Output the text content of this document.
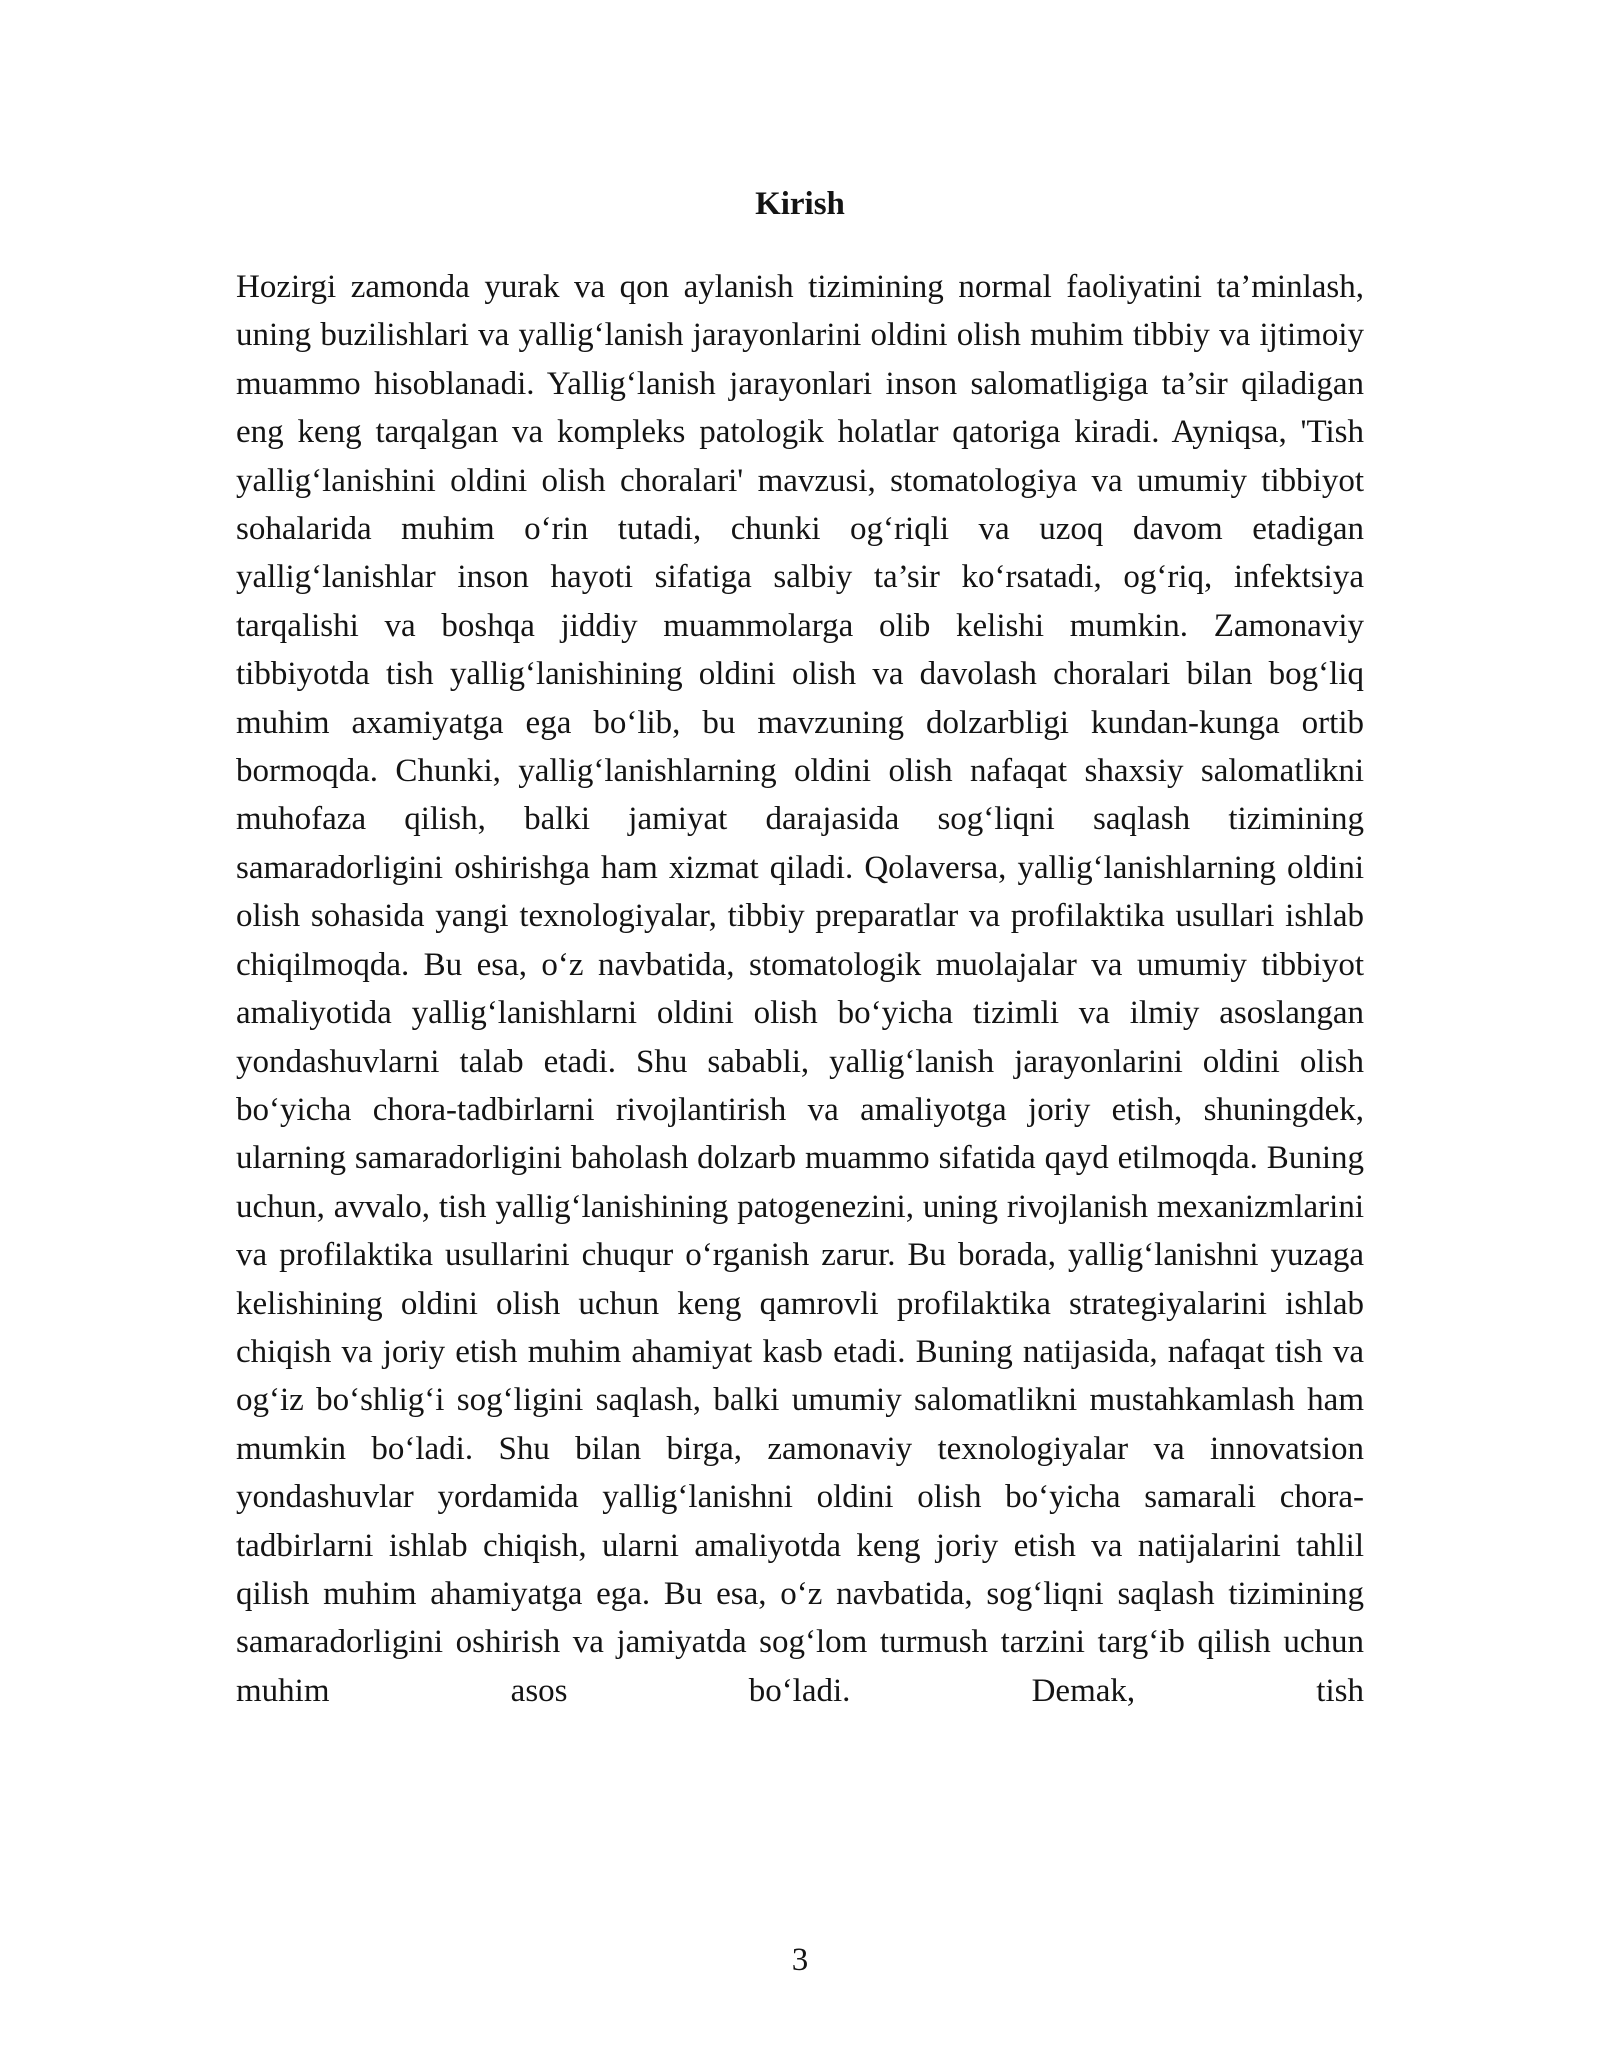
Kirish

Hozirgi zamonda yurak va qon aylanish tizimining normal faoliyatini ta’minlash, uning buzilishlari va yallig‘lanish jarayonlarini oldini olish muhim tibbiy va ijtimoiy muammo hisoblanadi. Yallig‘lanish jarayonlari inson salomatligiga ta’sir qiladigan eng keng tarqalgan va kompleks patologik holatlar qatoriga kiradi. Ayniqsa, 'Tish yallig‘lanishini oldini olish choralari' mavzusi, stomatologiya va umumiy tibbiyot sohalarida muhim o‘rin tutadi, chunki og‘riqli va uzoq davom etadigan yallig‘lanishlar inson hayoti sifatiga salbiy ta’sir ko‘rsatadi, og‘riq, infektsiya tarqalishi va boshqa jiddiy muammolarga olib kelishi mumkin. Zamonaviy tibbiyotda tish yallig‘lanishining oldini olish va davolash choralari bilan bog‘liq muhim axamiyatga ega bo‘lib, bu mavzuning dolzarbligi kundan-kunga ortib bormoqda. Chunki, yallig‘lanishlarning oldini olish nafaqat shaxsiy salomatlikni muhofaza qilish, balki jamiyat darajasida sog‘liqni saqlash tizimining samaradorligini oshirishga ham xizmat qiladi. Qolaversa, yallig‘lanishlarning oldini olish sohasida yangi texnologiyalar, tibbiy preparatlar va profilaktika usullari ishlab chiqilmoqda. Bu esa, o‘z navbatida, stomatologik muolajalar va umumiy tibbiyot amaliyotida yallig‘lanishlarni oldini olish bo‘yicha tizimli va ilmiy asoslangan yondashuvlarni talab etadi. Shu sababli, yallig‘lanish jarayonlarini oldini olish bo‘yicha chora-tadbirlarni rivojlantirish va amaliyotga joriy etish, shuningdek, ularning samaradorligini baholash dolzarb muammo sifatida qayd etilmoqda. Buning uchun, avvalo, tish yallig‘lanishining patogenezini, uning rivojlanish mexanizmlarini va profilaktika usullarini chuqur o‘rganish zarur. Bu borada, yallig‘lanishni yuzaga kelishining oldini olish uchun keng qamrovli profilaktika strategiyalarini ishlab chiqish va joriy etish muhim ahamiyat kasb etadi. Buning natijasida, nafaqat tish va og‘iz bo‘shlig‘i sog‘ligini saqlash, balki umumiy salomatlikni mustahkamlash ham mumkin bo‘ladi. Shu bilan birga, zamonaviy texnologiyalar va innovatsion yondashuvlar yordamida yallig‘lanishni oldini olish bo‘yicha samarali chora-tadbirlarni ishlab chiqish, ularni amaliyotda keng joriy etish va natijalarini tahlil qilish muhim ahamiyatga ega. Bu esa, o‘z navbatida, sog‘liqni saqlash tizimining samaradorligini oshirish va jamiyatda sog‘lom turmush tarzini targ‘ib qilish uchun muhim asos bo‘ladi. Demak, tish

3
